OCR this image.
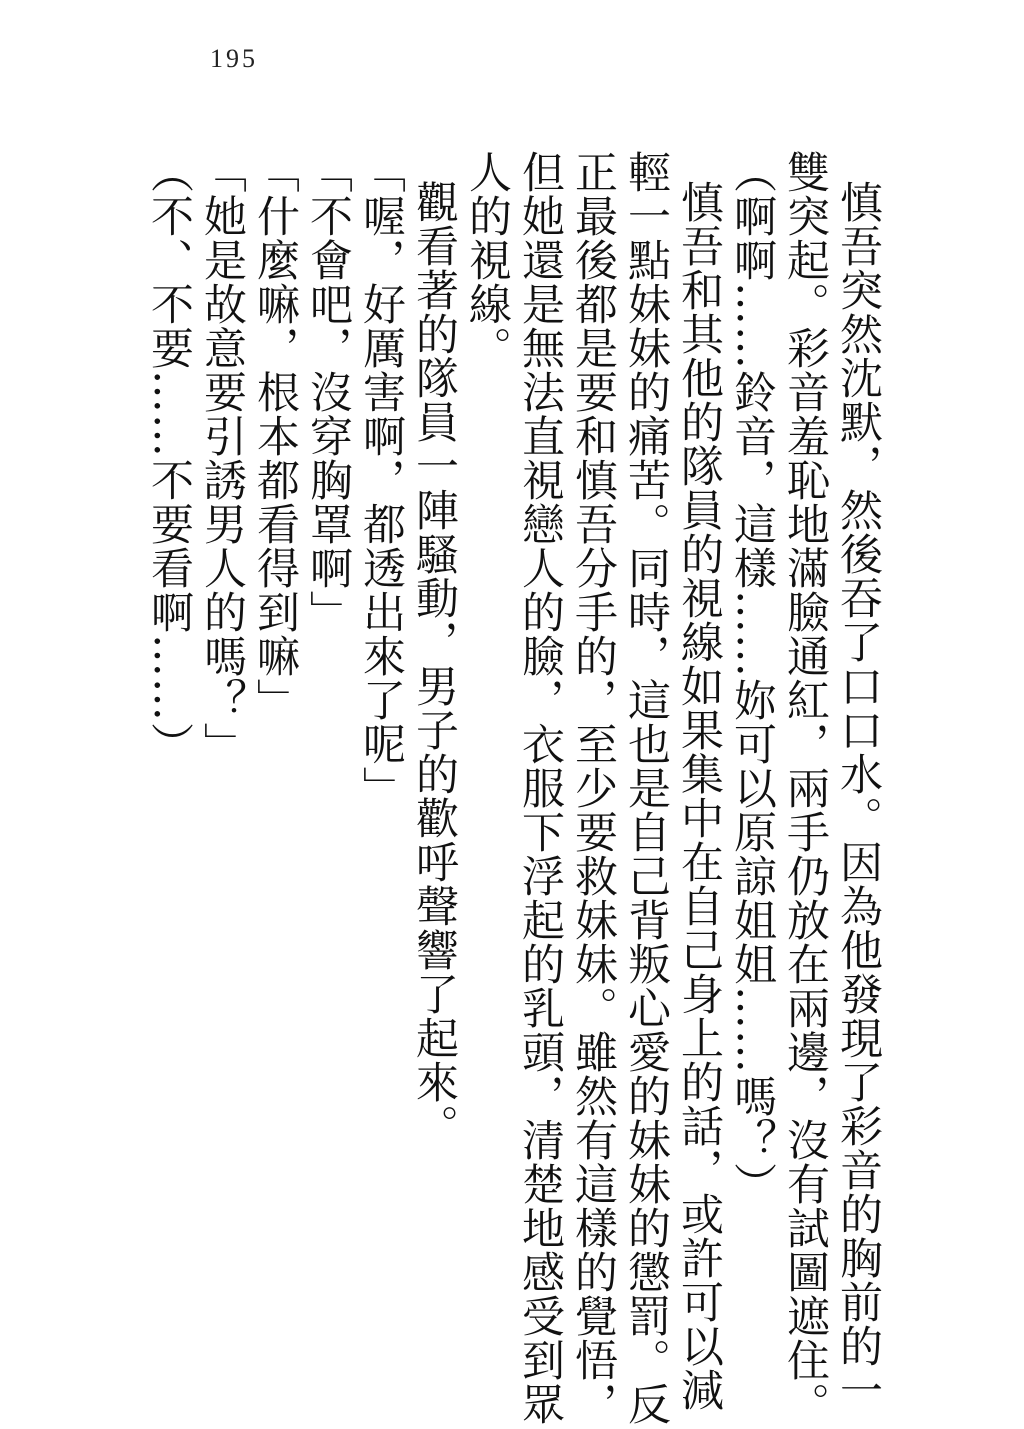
195
慎吾突然沈默，然後吞了口口水。因為他發現了彩音的胸前的一
雙突起。彩音羞恥地滿臉通紅，兩手仍放在兩邊，沒有試圖遮住。
（啊啊……鈴音，這樣……妳可以原諒姐姐……嗎？）
慎吾和其他的隊員的視線如果集中在自己身上的話，或許可以減
輕一點妹妹的痛苦。同時，這也是自己背叛心愛的妹妹的懲罰。反
正最後都是要和慎吾分手的，至少要救妹妹。雖然有這樣的覺悟，
但她還是無法直視戀人的臉，衣服下浮起的乳頭，清楚地感受到眾
人的視線。
觀看著的隊員一陣騷動，男子的歡呼聲響了起來。
「喔，好厲害啊，都透出來了呢」
「不會吧，沒穿胸罩啊」
「什麼嘛，根本都看得到嘛」
「她是故意要引誘男人的嗎？」
（不、不要……不要看啊……）
